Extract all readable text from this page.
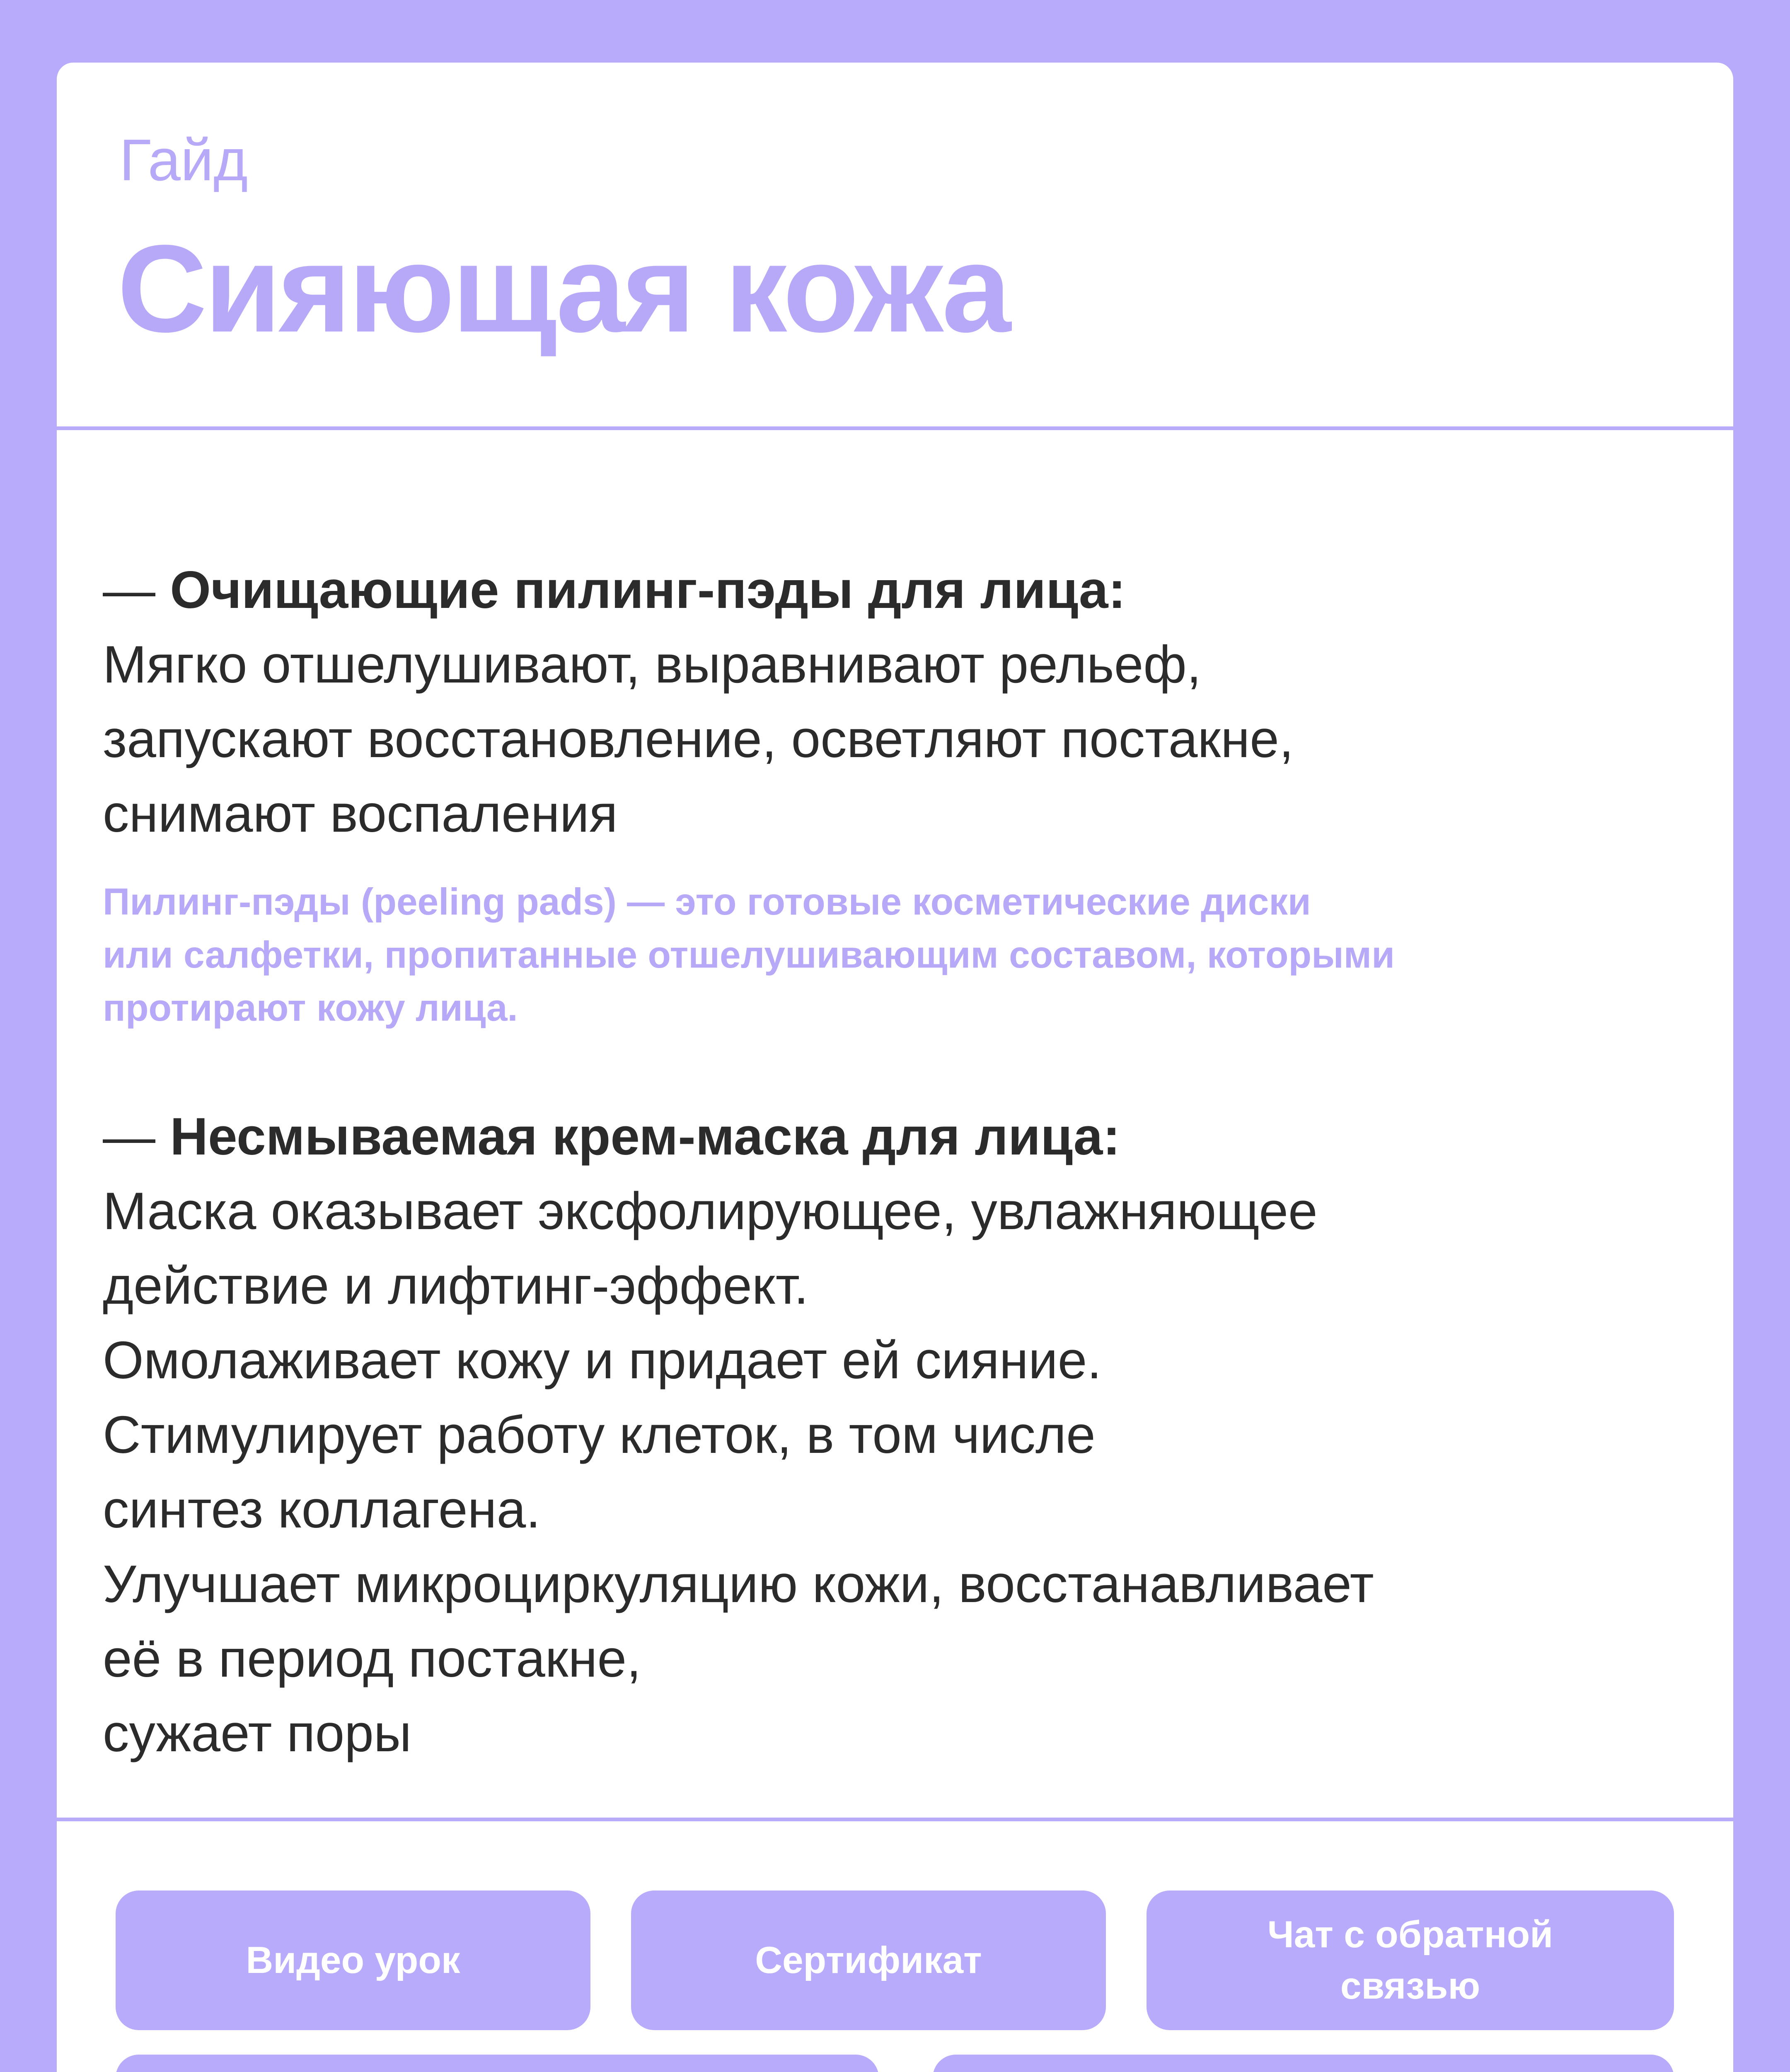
Гайд
Сияющая кожа
— Очищающие пилинг-пэды для лица:
Мягко отшелушивают, выравнивают рельеф,
запускают восстановление, осветляют постакне,
снимают воспаления
Пилинг-пэды (peeling pads) — это готовые косметические диски
или салфетки, пропитанные отшелушивающим составом, которыми
протирают кожу лица.
— Несмываемая крем-маска для лица:
Маска оказывает эксфолирующее, увлажняющее
действие и лифтинг-эффект.
Омолаживает кожу и придает ей сияние.
Стимулирует работу клеток, в том числе
синтез коллагена.
Улучшает микроциркуляцию кожи, восстанавливает
её в период постакне,
сужает поры
Видео урок	Сертификат
Чат с обратной связью
